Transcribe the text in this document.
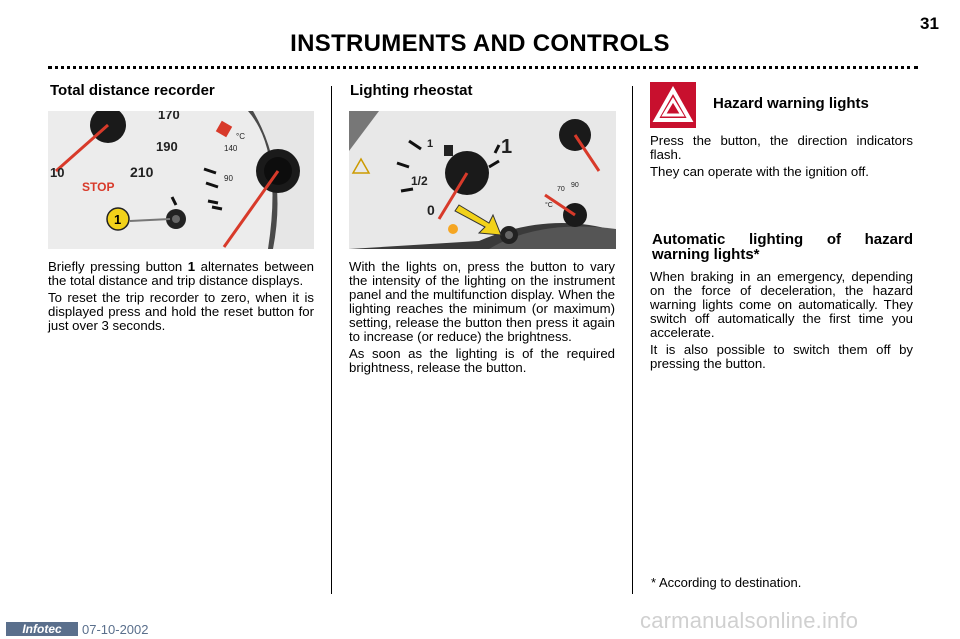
31
INSTRUMENTS AND CONTROLS
Total distance recorder
170
190
210
10
140
90
°C
STOP
1

Briefly pressing button 1 alternates between the total distance and trip distance displays.

To reset the trip recorder to zero, when it is displayed press and hold the reset button for just over 3 seconds.

Lighting rheostat
1
1/2
0
1
70
90
°C

With the lights on, press the button to vary the intensity of the lighting on the instrument panel and the multifunction display. When the lighting reaches the minimum (or maximum) setting, release the button then press it again to increase (or reduce) the brightness.

As soon as the lighting is of the required brightness, release the button.

Hazard warning lights

Press the button, the direction indicators flash.

They can operate with the ignition off.

Automatic lighting of hazard warning lights*

When braking in an emergency, depending on the force of deceleration, the hazard warning lights come on automatically. They switch off automatically the first time you accelerate.

It is also possible to switch them off by pressing the button.

* According to destination.
Infotec	07-10-2002	carmanualsonline.info
